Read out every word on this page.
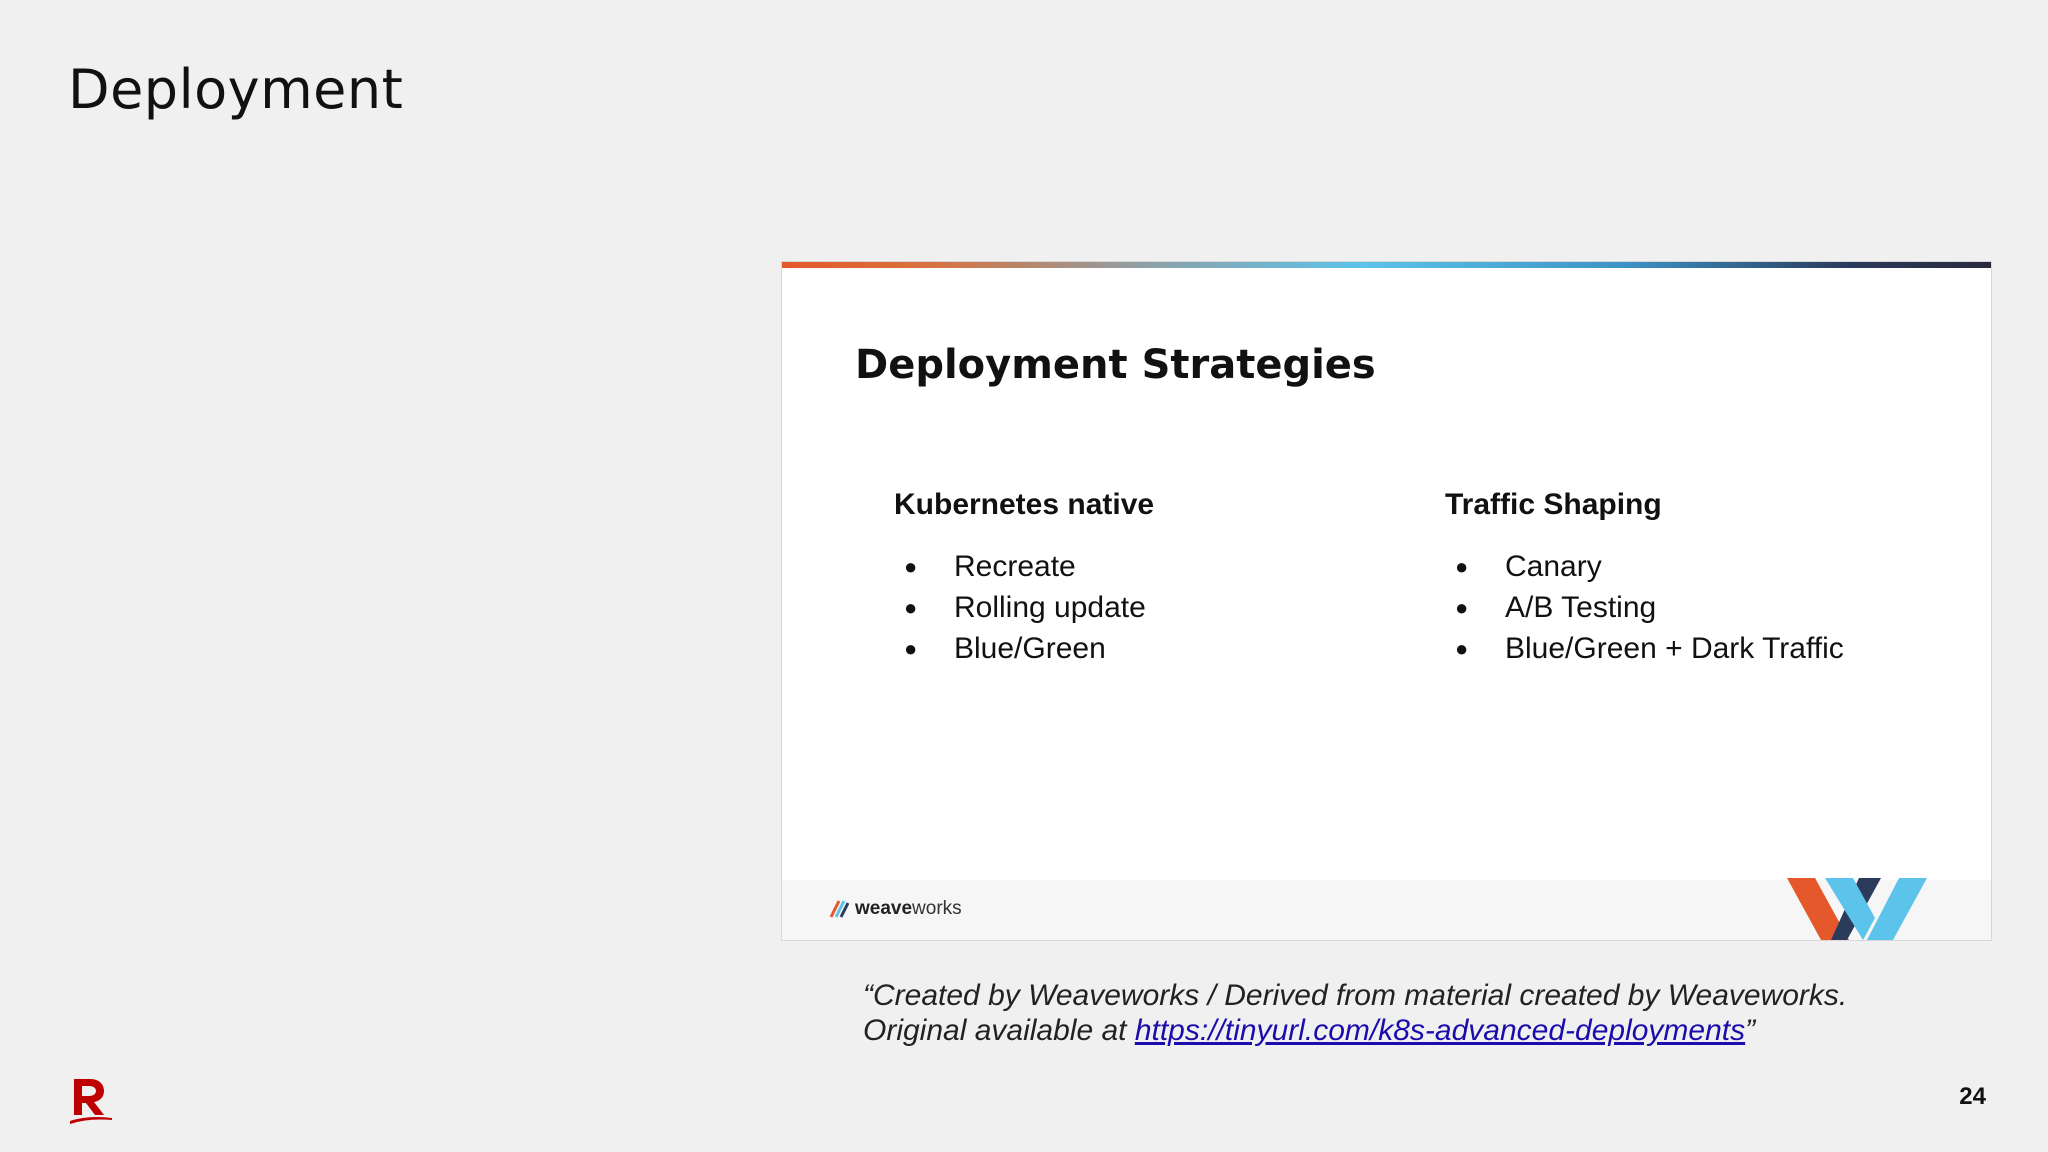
Deployment
Deployment Strategies
Kubernetes native
●	Recreate
●	Rolling update
●	Blue/Green
Traffic Shaping
●	Canary
●	A/B Testing
●	Blue/Green + Dark Traffic
weaveworks
“Created by Weaveworks / Derived from material created by Weaveworks.
Original available at https://tinyurl.com/k8s-advanced-deployments”
24
